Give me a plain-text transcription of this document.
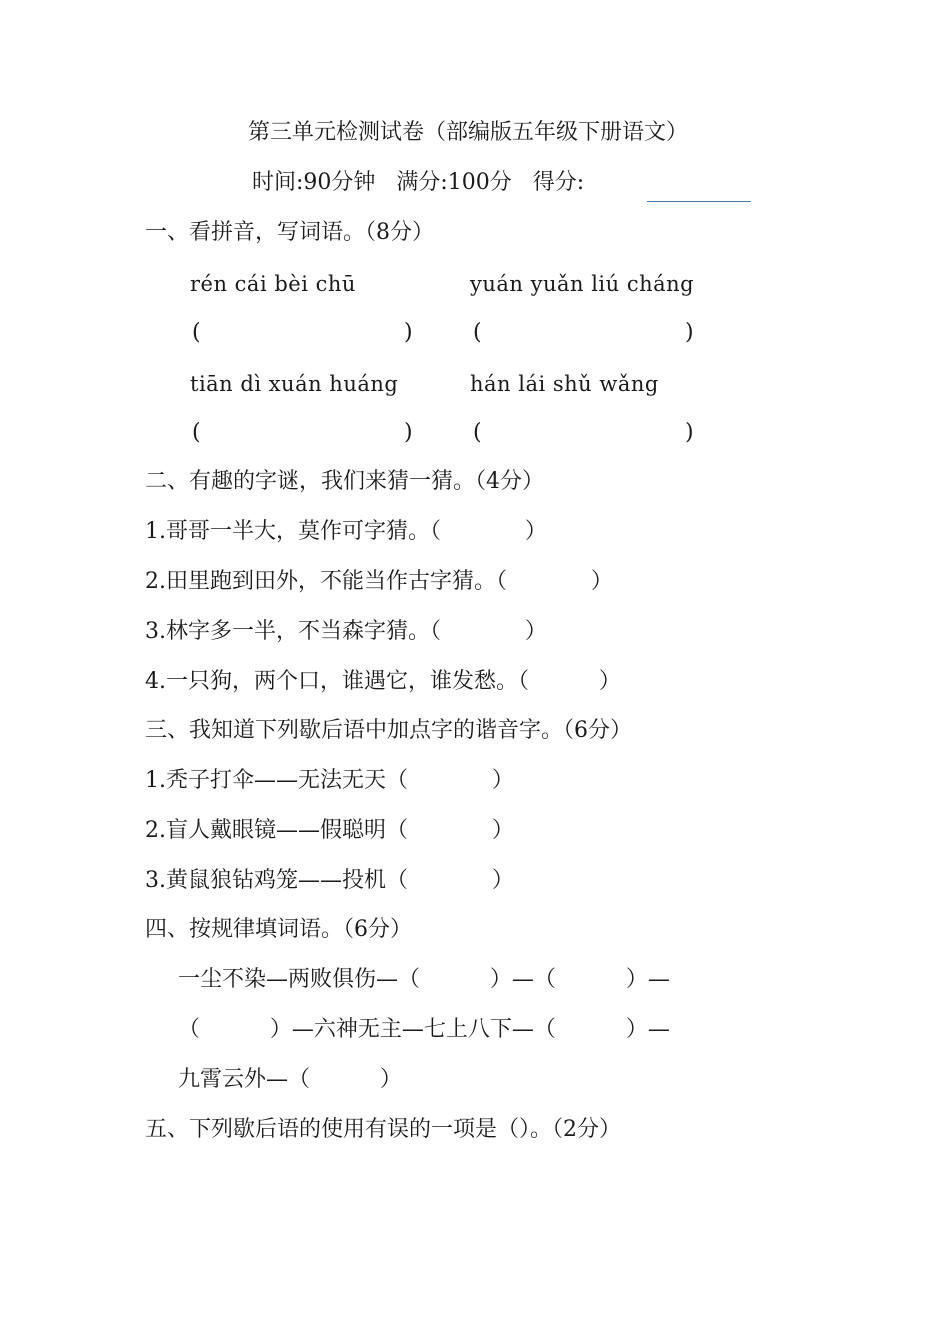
第三单元检测试卷（部编版五年级下册语文）
时间:90分钟   满分:100分   得分:
一、看拼音，写词语。（8分）
rén cái bèi chū	yuán yuǎn liú cháng
(	)	(	)
tiān dì xuán huáng	hán lái shǔ wǎng
(	)	(	)
二、有趣的字谜，我们来猜一猜。（4分）
1.哥哥一半大，莫作可字猜。（            ）
2.田里跑到田外，不能当作古字猜。（            ）
3.林字多一半，不当森字猜。（            ）
4.一只狗，两个口，谁遇它，谁发愁。（          ）
三、我知道下列歇后语中加点字的谐音字。（6分）
1.秃子打伞——无法无天（            ）
2.盲人戴眼镜——假聪明（            ）
3.黄鼠狼钻鸡笼——投机（            ）
四、按规律填词语。（6分）
一尘不染—两败俱伤—（          ）—（          ）—
（          ）—六神无主—七上八下—（          ）—
九霄云外—（          ）
五、下列歇后语的使用有误的一项是（）。（2分）
